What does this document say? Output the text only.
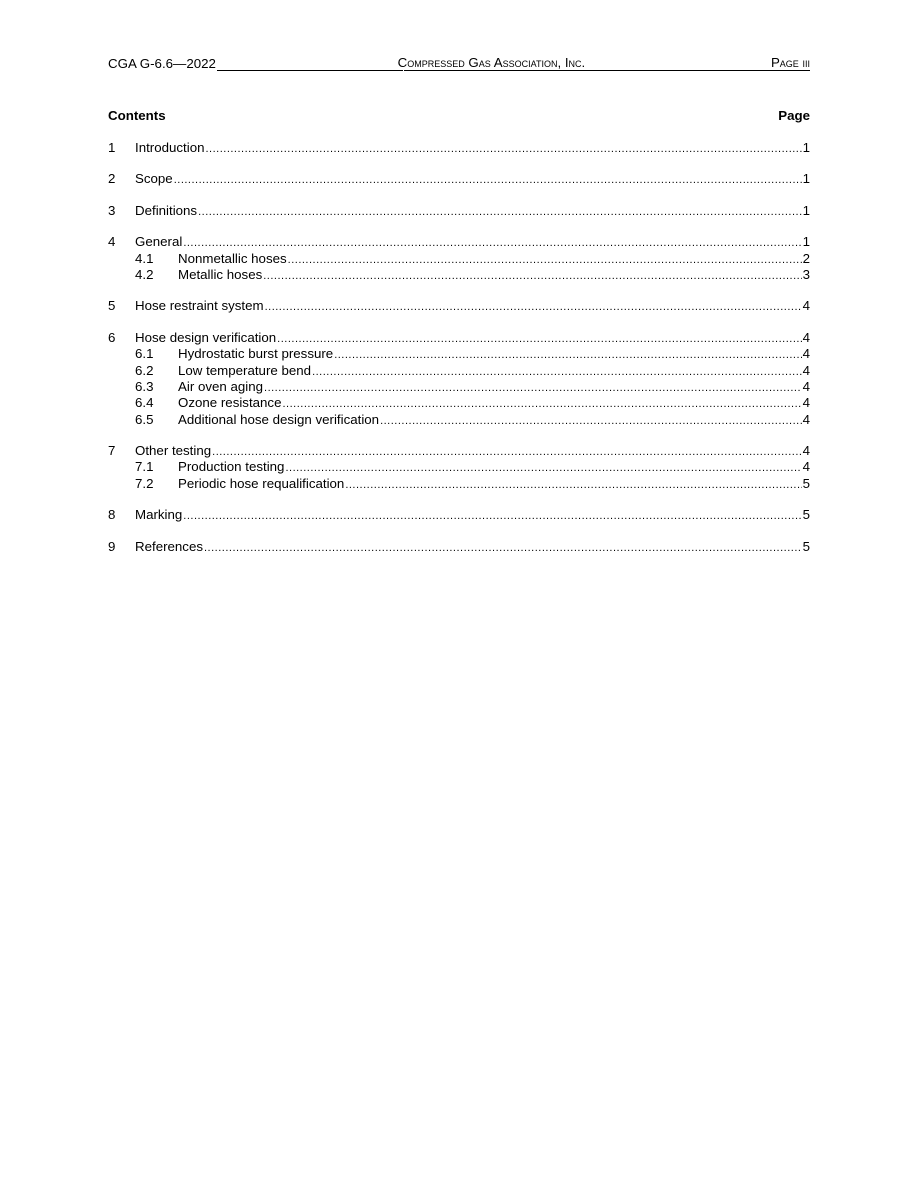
CGA G-6.6—2022	Compressed Gas Association, Inc.	Page iii
Contents	Page
1	Introduction .....	1
2	Scope .....	1
3	Definitions .....	1
4	General .....	1
4.1	Nonmetallic hoses .....	2
4.2	Metallic hoses .....	3
5	Hose restraint system .....	4
6	Hose design verification .....	4
6.1	Hydrostatic burst pressure .....	4
6.2	Low temperature bend .....	4
6.3	Air oven aging .....	4
6.4	Ozone resistance .....	4
6.5	Additional hose design verification .....	4
7	Other testing .....	4
7.1	Production testing .....	4
7.2	Periodic hose requalification .....	5
8	Marking .....	5
9	References .....	5
